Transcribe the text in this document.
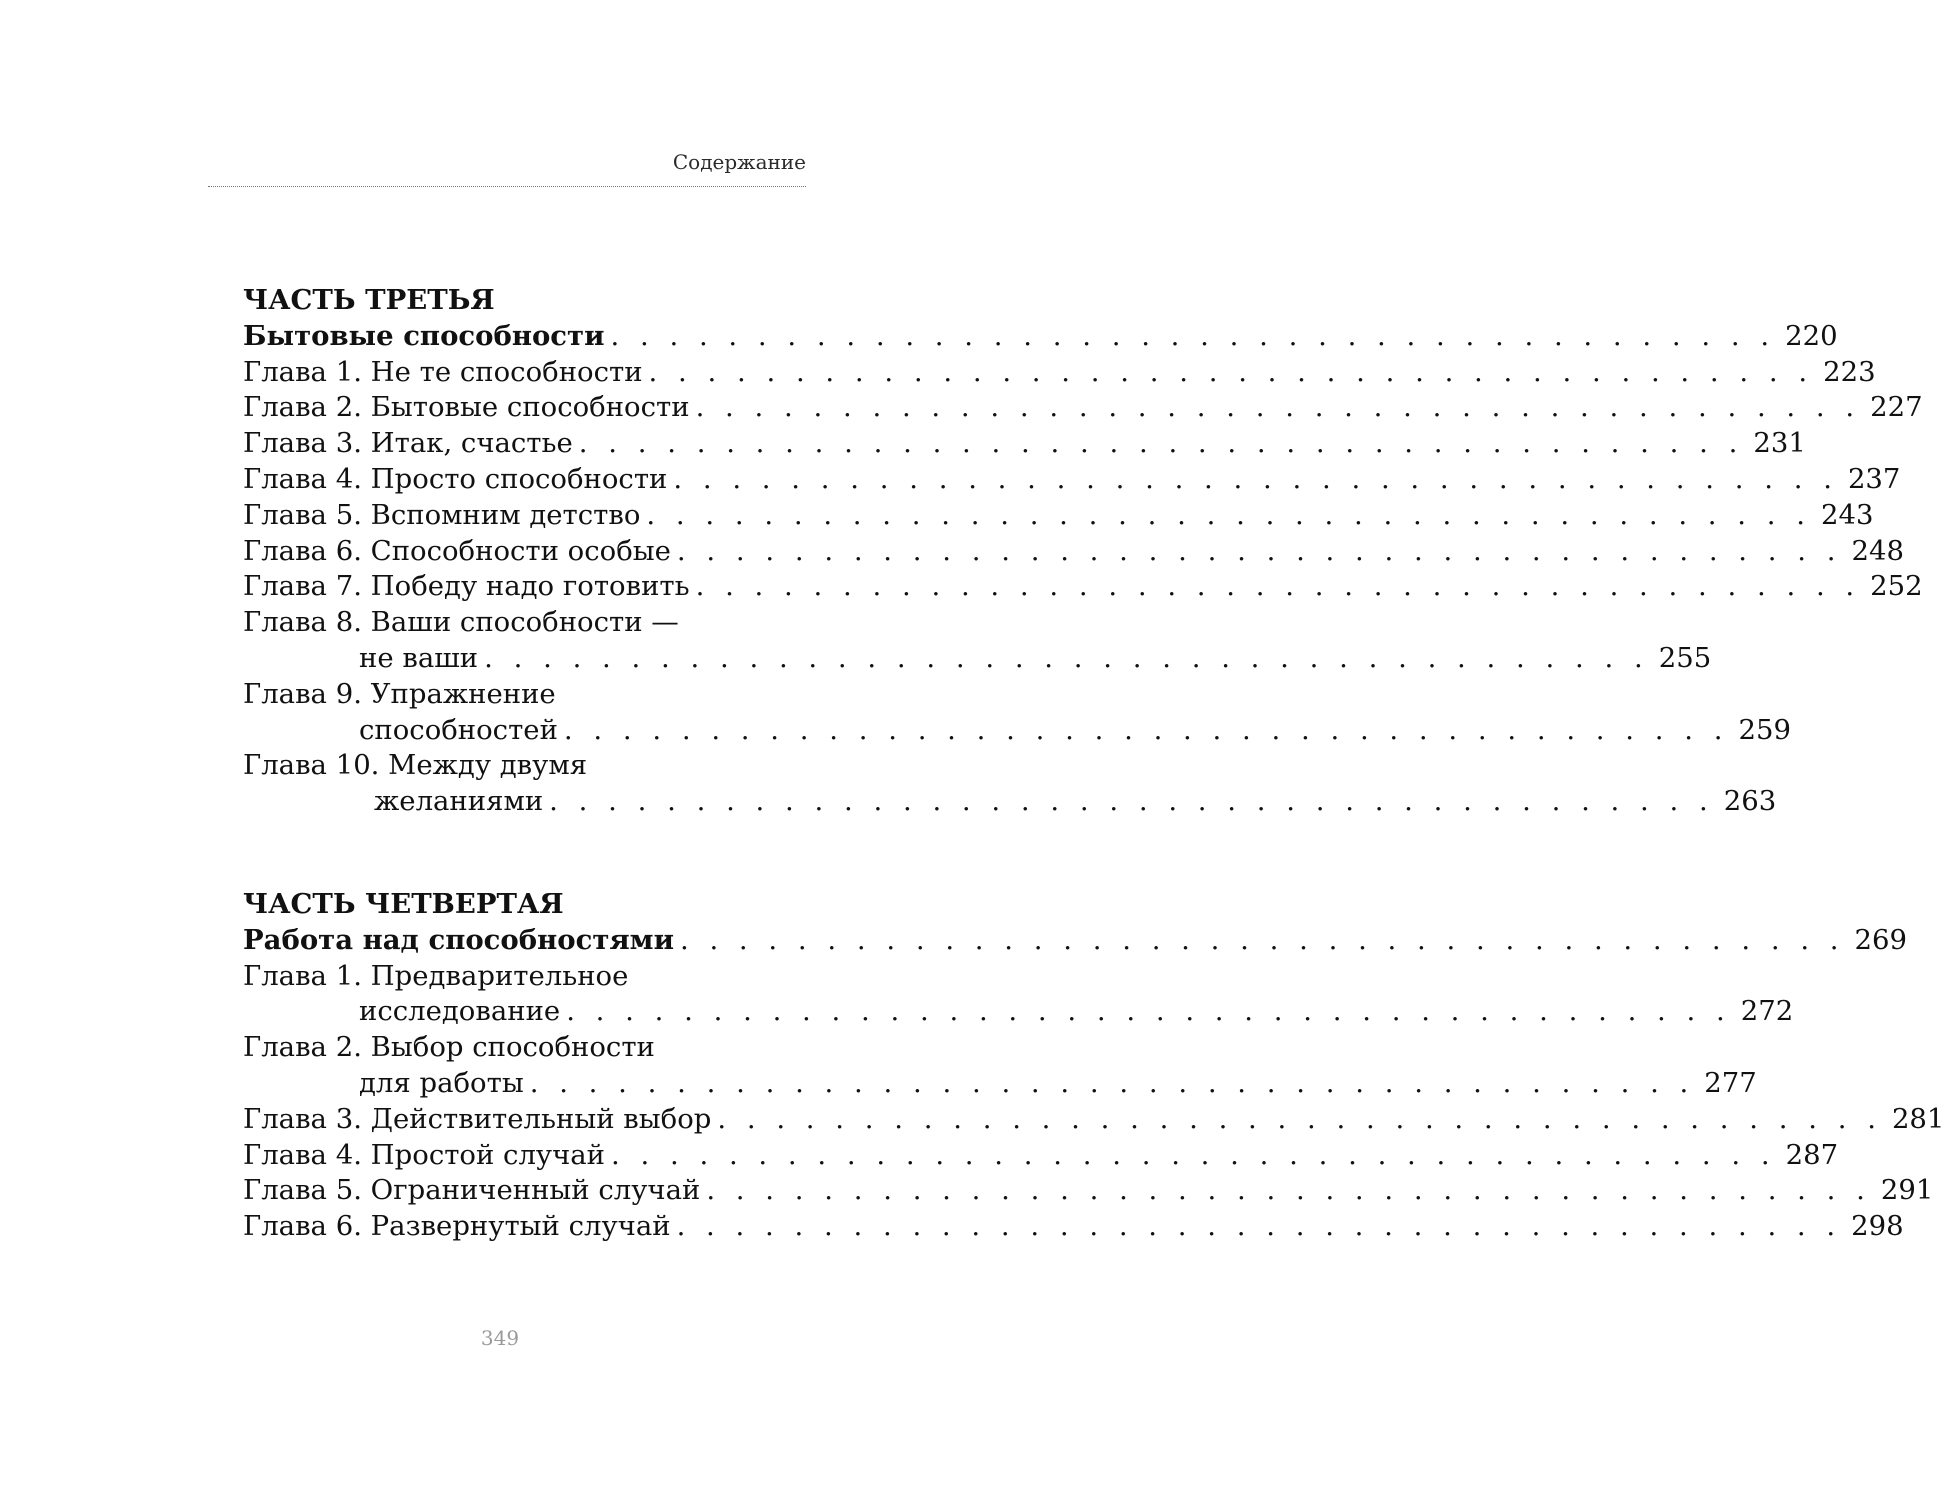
Содержание
ЧАСТЬ ТРЕТЬЯ
Бытовые способности . . . . . . . . . . . . . . . . . . . . . . . . . . . . . . . . . . . . . . . . 220
Глава 1. Не те способности . . . . . . . . . . . . . . . . . . . . . . . . . . . . . . . . . . . . . . . . 223
Глава 2. Бытовые способности . . . . . . . . . . . . . . . . . . . . . . . . . . . . . . . . . . . . . . . . 227
Глава 3. Итак, счастье . . . . . . . . . . . . . . . . . . . . . . . . . . . . . . . . . . . . . . . . 231
Глава 4. Просто способности . . . . . . . . . . . . . . . . . . . . . . . . . . . . . . . . . . . . . . . . 237
Глава 5. Вспомним детство . . . . . . . . . . . . . . . . . . . . . . . . . . . . . . . . . . . . . . . . 243
Глава 6. Способности особые . . . . . . . . . . . . . . . . . . . . . . . . . . . . . . . . . . . . . . . . 248
Глава 7. Победу надо готовить . . . . . . . . . . . . . . . . . . . . . . . . . . . . . . . . . . . . . . . . 252
Глава 8. Ваши способности —
не ваши . . . . . . . . . . . . . . . . . . . . . . . . . . . . . . . . . . . . . . . . 255
Глава 9. Упражнение
способностей . . . . . . . . . . . . . . . . . . . . . . . . . . . . . . . . . . . . . . . . 259
Глава 10. Между двумя
желаниями . . . . . . . . . . . . . . . . . . . . . . . . . . . . . . . . . . . . . . . . 263
ЧАСТЬ ЧЕТВЕРТАЯ
Работа над способностями . . . . . . . . . . . . . . . . . . . . . . . . . . . . . . . . . . . . . . . . 269
Глава 1. Предварительное
исследование . . . . . . . . . . . . . . . . . . . . . . . . . . . . . . . . . . . . . . . . 272
Глава 2. Выбор способности
для работы . . . . . . . . . . . . . . . . . . . . . . . . . . . . . . . . . . . . . . . . 277
Глава 3. Действительный выбор . . . . . . . . . . . . . . . . . . . . . . . . . . . . . . . . . . . . . . . . 281
Глава 4. Простой случай . . . . . . . . . . . . . . . . . . . . . . . . . . . . . . . . . . . . . . . . 287
Глава 5. Ограниченный случай . . . . . . . . . . . . . . . . . . . . . . . . . . . . . . . . . . . . . . . . 291
Глава 6. Развернутый случай . . . . . . . . . . . . . . . . . . . . . . . . . . . . . . . . . . . . . . . . 298
349
